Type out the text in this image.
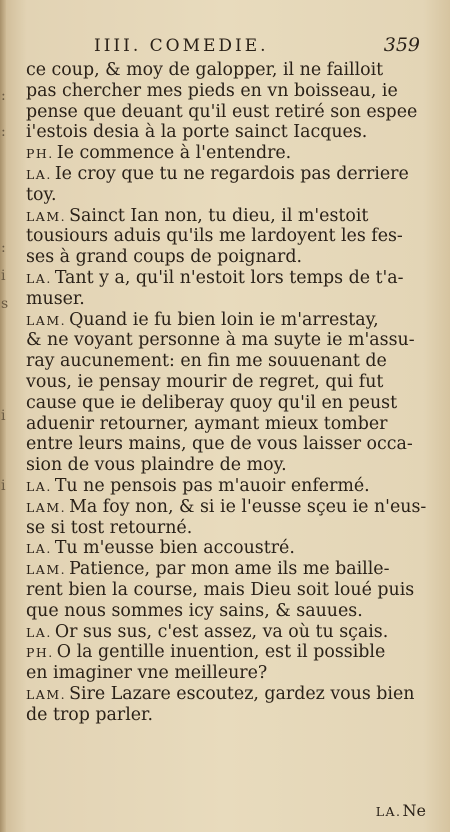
:
:
:
i
s
i
i
IIII. COMEDIE.	359
ce coup, & moy de galopper, il ne failloit
pas chercher mes pieds en vn boisseau, ie
pense que deuant qu'il eust retiré son espee
i'estois desia à la porte sainct Iacques.
PH. Ie commence à l'entendre.
LA. Ie croy que tu ne regardois pas derriere
toy.
LAM. Sainct Ian non, tu dieu, il m'estoit
tousiours aduis qu'ils me lardoyent les fes-
ses à grand coups de poignard.
LA. Tant y a, qu'il n'estoit lors temps de t'a-
muser.
LAM. Quand ie fu bien loin ie m'arrestay,
& ne voyant personne à ma suyte ie m'assu-
ray aucunement: en fin me souuenant de
vous, ie pensay mourir de regret, qui fut
cause que ie deliberay quoy qu'il en peust
aduenir retourner, aymant mieux tomber
entre leurs mains, que de vous laisser occa-
sion de vous plaindre de moy.
LA. Tu ne pensois pas m'auoir enfermé.
LAM. Ma foy non, & si ie l'eusse sçeu ie n'eus-
se si tost retourné.
LA. Tu m'eusse bien accoustré.
LAM. Patience, par mon ame ils me baille-
rent bien la course, mais Dieu soit loué puis
que nous sommes icy sains, & sauues.
LA. Or sus sus, c'est assez, va où tu sçais.
PH. O la gentille inuention, est il possible
en imaginer vne meilleure?
LAM. Sire Lazare escoutez, gardez vous bien
de trop parler.
LA.Ne
